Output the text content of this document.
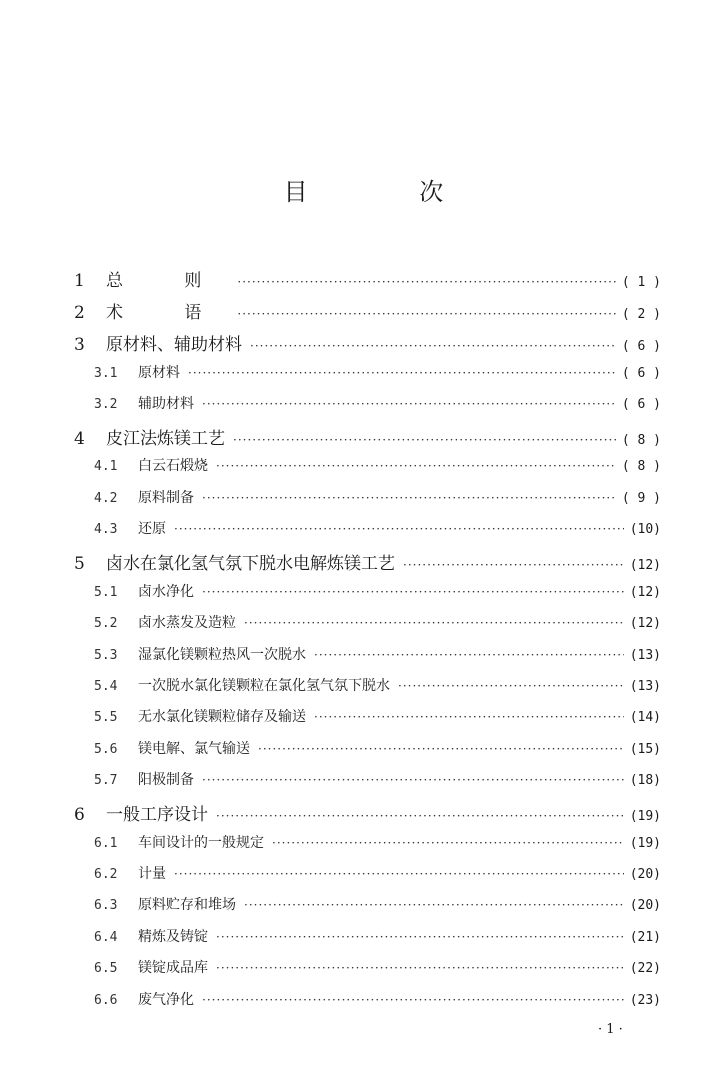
目 次
1	总 则 ·····	( 1 )
2	术 语 ·····	( 2 )
3	原材料、辅助材料 ·····	( 6 )
3.1	原材料 ·····	( 6 )
3.2	辅助材料 ·····	( 6 )
4	皮江法炼镁工艺 ·····	( 8 )
4.1	白云石煅烧 ·····	( 8 )
4.2	原料制备 ·····	( 9 )
4.3	还原 ·····	(10)
5	卤水在氯化氢气氛下脱水电解炼镁工艺 ·····	(12)
5.1	卤水净化 ·····	(12)
5.2	卤水蒸发及造粒 ·····	(12)
5.3	湿氯化镁颗粒热风一次脱水 ·····	(13)
5.4	一次脱水氯化镁颗粒在氯化氢气氛下脱水 ·····	(13)
5.5	无水氯化镁颗粒储存及输送 ·····	(14)
5.6	镁电解、氯气输送 ·····	(15)
5.7	阳极制备 ·····	(18)
6	一般工序设计 ·····	(19)
6.1	车间设计的一般规定 ·····	(19)
6.2	计量 ·····	(20)
6.3	原料贮存和堆场 ·····	(20)
6.4	精炼及铸锭 ·····	(21)
6.5	镁锭成品库 ·····	(22)
6.6	废气净化 ·····	(23)
· 1 ·
